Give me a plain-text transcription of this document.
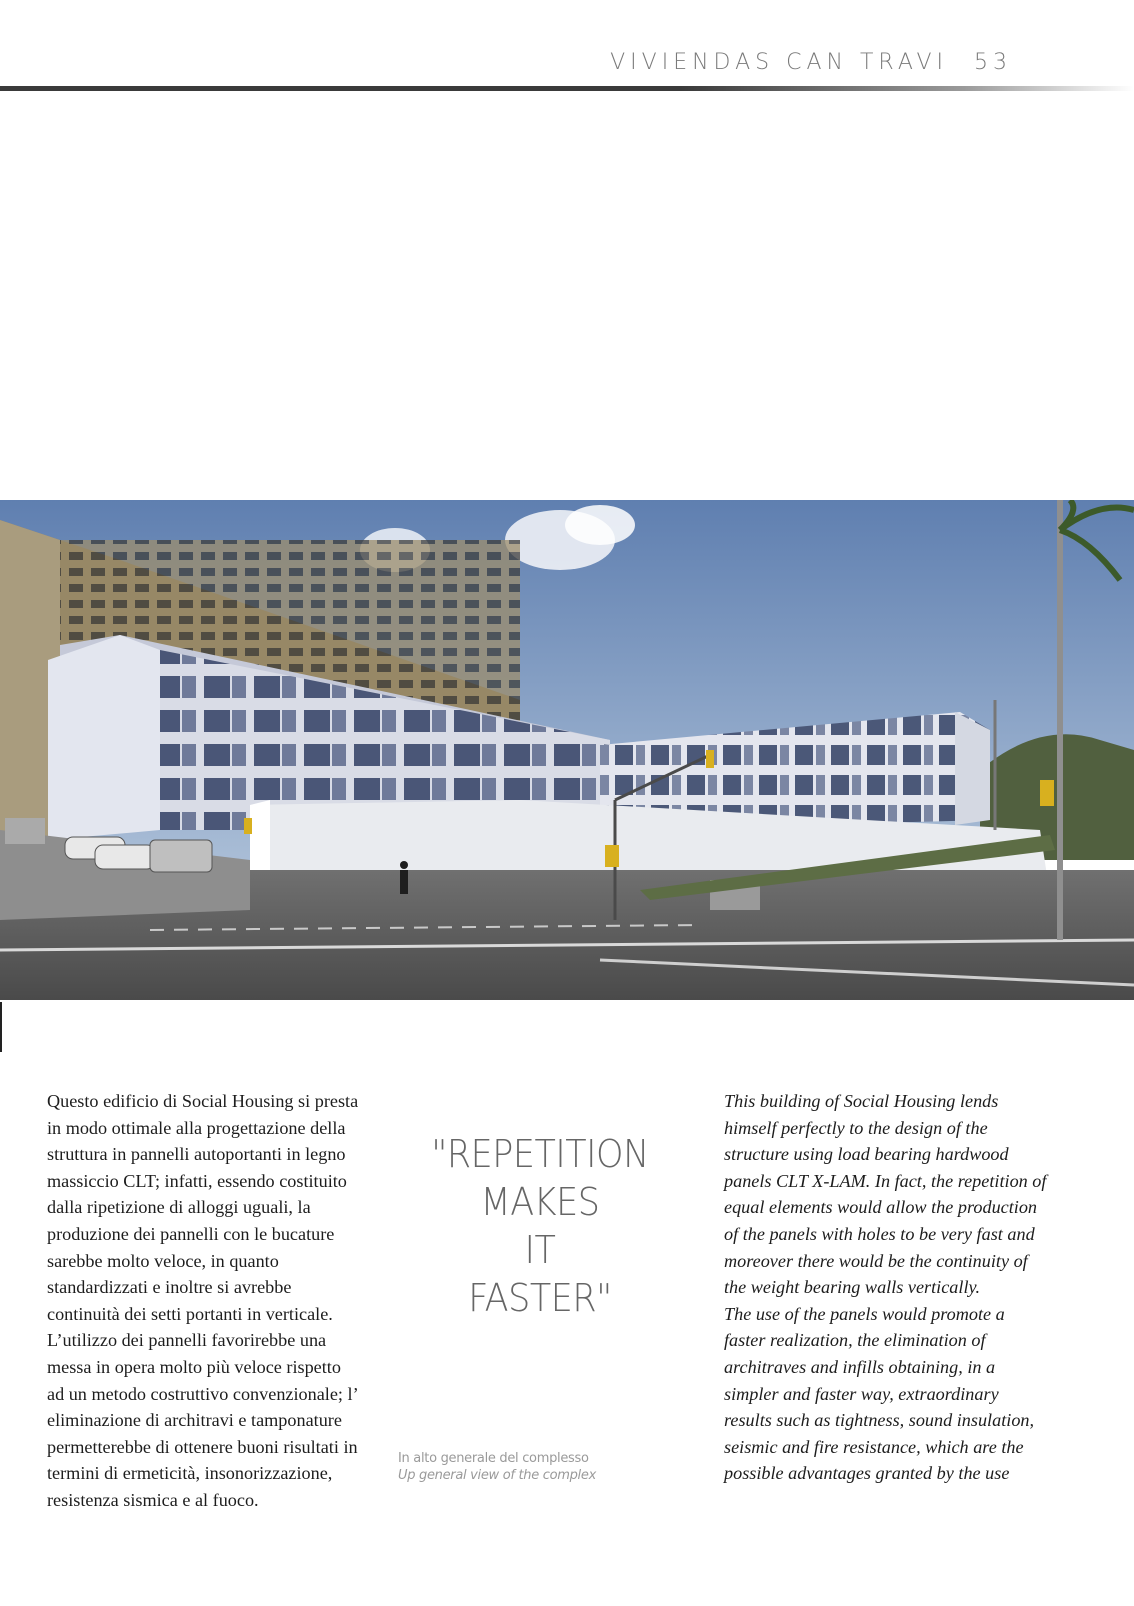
VIVIENDAS CAN TRAVI 53

Questo edificio di Social Housing si presta in modo ottimale alla progettazione della struttura in pannelli autoportanti in legno massiccio CLT; infatti, essendo costituito dalla ripetizione di alloggi uguali, la produzione dei pannelli con le bucature sarebbe molto veloce, in quanto standardizzati e inoltre si avrebbe continuità dei setti portanti in verticale.

L’utilizzo dei pannelli favorirebbe una messa in opera molto più veloce rispetto ad un metodo costruttivo convenzionale; l’ eliminazione di architravi e tamponature permetterebbe di ottenere buoni risultati in termini di ermeticità, insonorizzazione, resistenza sismica e al fuoco.

"REPETITION
MAKES
IT
FASTER"
In alto generale del complesso
Up general view of the complex

This building of Social Housing lends himself perfectly to the design of the structure using load bearing hardwood panels CLT X-LAM. In fact, the repetition of equal elements would allow the production of the panels with holes to be very fast and moreover there would be the continuity of the weight bearing walls vertically.

The use of the panels would promote a faster realization, the elimination of architraves and infills obtaining, in a simpler and faster way, extraordinary results such as tightness, sound insulation, seismic and fire resistance, which are the possible advantages granted by the use
